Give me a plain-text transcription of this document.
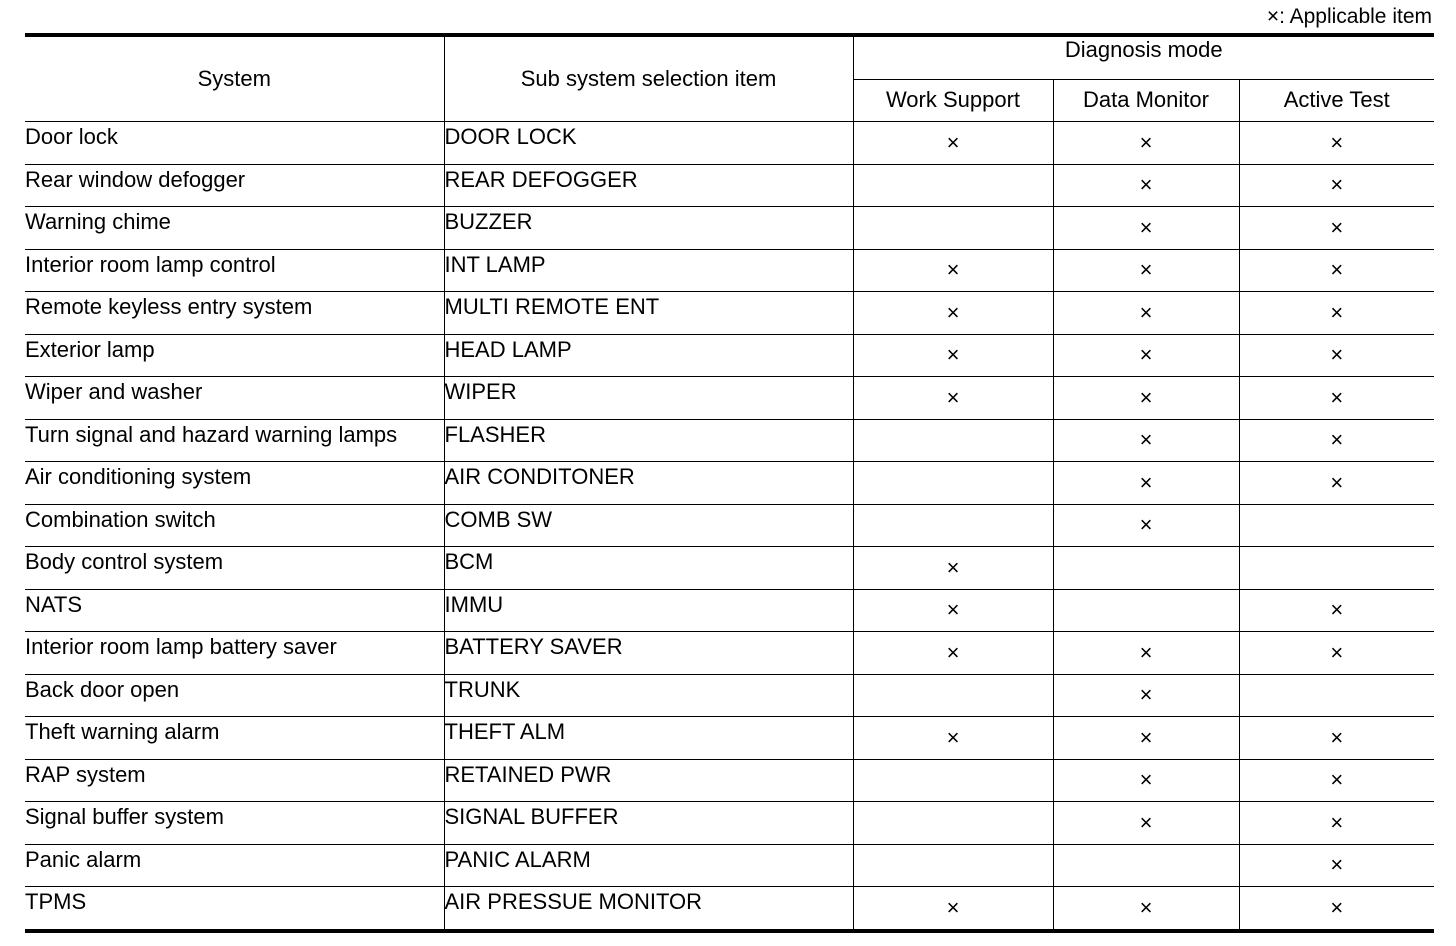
×: Applicable item
System	Sub system selection item	Diagnosis mode		
		Work Support	Data Monitor	Active Test
Door lock	DOOR LOCK	×	×	×
Rear window defogger	REAR DEFOGGER		×	×
Warning chime	BUZZER		×	×
Interior room lamp control	INT LAMP	×	×	×
Remote keyless entry system	MULTI REMOTE ENT	×	×	×
Exterior lamp	HEAD LAMP	×	×	×
Wiper and washer	WIPER	×	×	×
Turn signal and hazard warning lamps	FLASHER		×	×
Air conditioning system	AIR CONDITONER		×	×
Combination switch	COMB SW		×	
Body control system	BCM	×		
NATS	IMMU	×		×
Interior room lamp battery saver	BATTERY SAVER	×	×	×
Back door open	TRUNK		×	
Theft warning alarm	THEFT ALM	×	×	×
RAP system	RETAINED PWR		×	×
Signal buffer system	SIGNAL BUFFER		×	×
Panic alarm	PANIC ALARM			×
TPMS	AIR PRESSUE MONITOR	×	×	×
